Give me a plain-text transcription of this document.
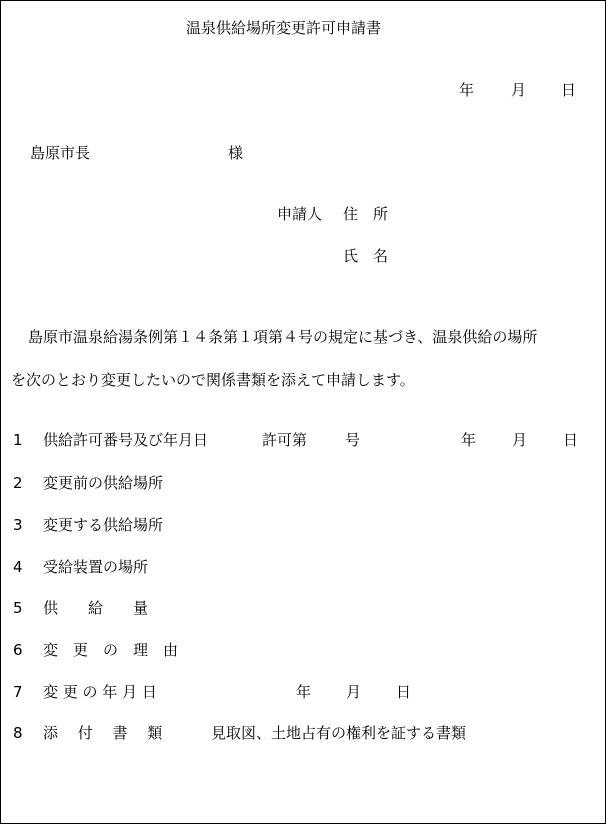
温泉供給場所変更許可申請書
年 月 日
島原市長	様
申請人 住　所
氏　名
島原市温泉給湯条例第１４条第１項第４号の規定に基づき、温泉供給の場所
を次のとおり変更したいので関係書類を添えて申請します。
1 供給許可番号及び年月日	許可第	号	年 月 日
2 変更前の供給場所
3 変更する供給場所
4 受給装置の場所
5 供　　給　　量
6 変　更　の　理　由
7 変 更 の 年 月 日	年 月 日
8 添　 付 　書 　類	見取図、土地占有の権利を証する書類
